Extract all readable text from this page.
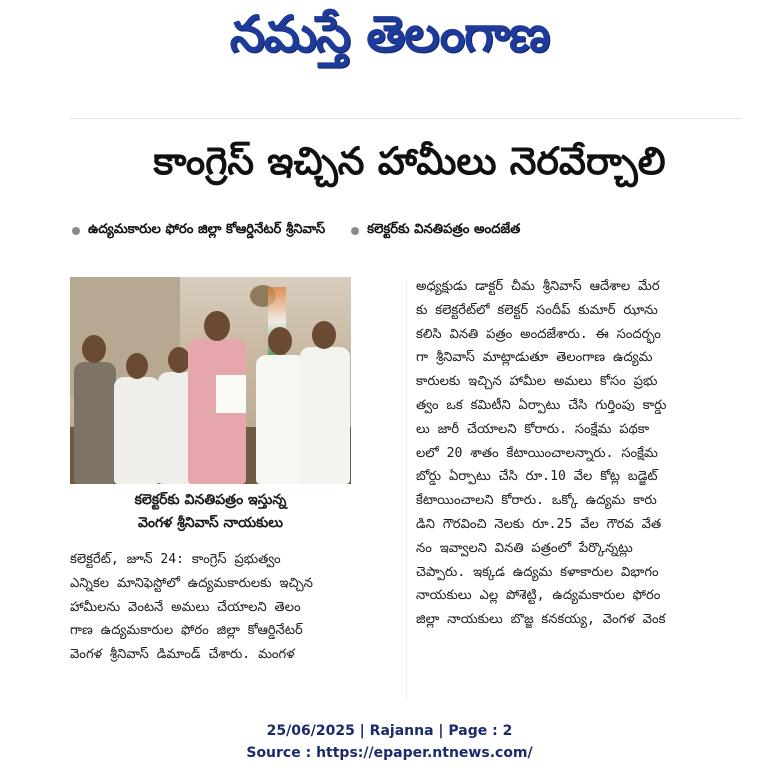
నమస్తే తెలంగాణ
కాంగ్రెస్ ఇచ్చిన హామీలు నెరవేర్చాలి
ఉద్యమకారుల ఫోరం జిల్లా కోఆర్డినేటర్ శ్రీనివాస్	కలెక్టర్‌కు వినతిపత్రం అందజేత
కలెక్టర్‌కు వినతిపత్రం ఇస్తున్న
వెంగళ శ్రీనివాస్ నాయకులు
అధ్యక్షుడు డాక్టర్ చీమ శ్రీనివాస్ ఆదేశాల మేర
కు కలెక్టరేట్‌లో కలెక్టర్ సందీప్ కుమార్ ఝాను
కలిసి వినతి పత్రం అందజేశారు. ఈ సందర్భం
గా శ్రీనివాస్ మాట్లాడుతూ తెలంగాణ ఉద్యమ
కారులకు ఇచ్చిన హామీల అమలు కోసం ప్రభు
త్వం ఒక కమిటీని ఏర్పాటు చేసి గుర్తింపు కార్డు
లు జారీ చేయాలని కోరారు. సంక్షేమ పథకా
లలో 20 శాతం కేటాయించాలన్నారు. సంక్షేమ
బోర్డు ఏర్పాటు చేసి రూ.10 వేల కోట్ల బడ్జెట్
కేటాయించాలని కోరారు. ఒక్కో ఉద్యమ కారు
డిని గౌరవించి నెలకు రూ.25 వేల గౌరవ వేత
నం ఇవ్వాలని వినతి పత్రంలో పేర్కొన్నట్లు
చెప్పారు. ఇక్కడ ఉద్యమ కళాకారుల విభాగం
నాయకులు ఎల్ల పోశెట్టి, ఉద్యమకారుల ఫోరం
జిల్లా నాయకులు బొజ్జ కనకయ్య, వెంగళ వెంక
కలెక్టరేట్, జూన్ 24: కాంగ్రెస్ ప్రభుత్వం
ఎన్నికల మానిఫెస్టోలో ఉద్యమకారులకు ఇచ్చిన
హామీలను వెంటనే అమలు చేయాలని తెలం
గాణ ఉద్యమకారుల ఫోరం జిల్లా కోఆర్డినేటర్
వెంగళ శ్రీనివాస్ డిమాండ్ చేశారు. మంగళ
25/06/2025 | Rajanna | Page : 2
Source : https://epaper.ntnews.com/
